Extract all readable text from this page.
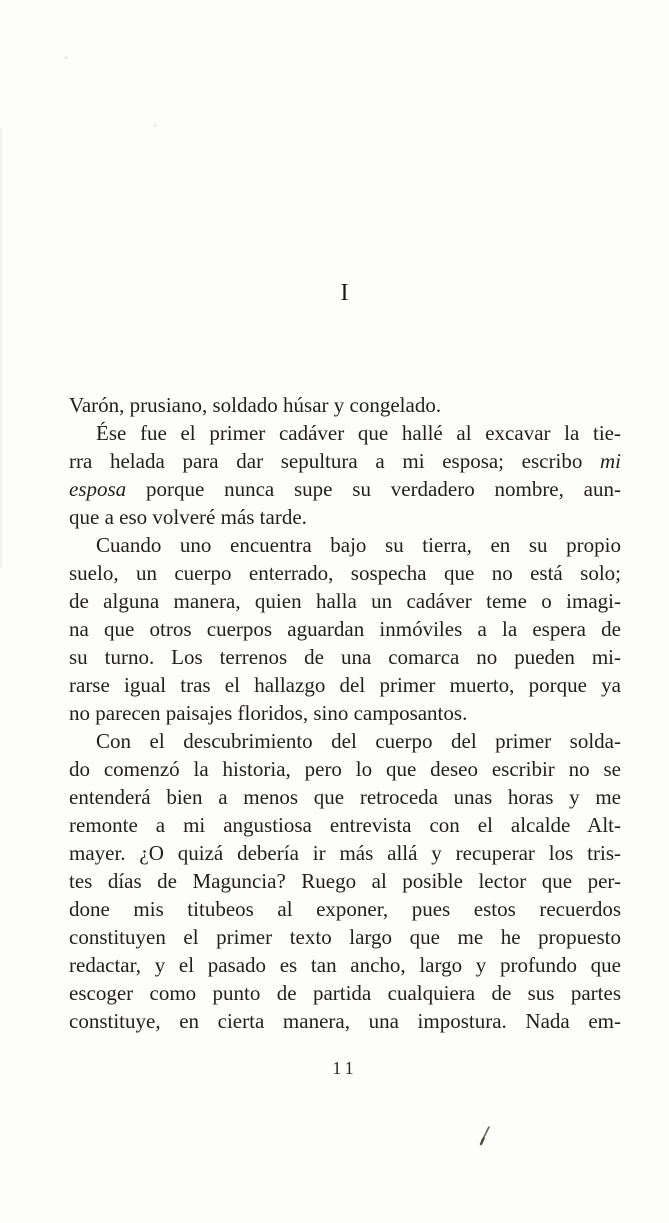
I
Varón, prusiano, soldado húsar y congelado.
Ése fue el primer cadáver que hallé al excavar la tie-
rra helada para dar sepultura a mi esposa; escribo mi
esposa porque nunca supe su verdadero nombre, aun-
que a eso volveré más tarde.
Cuando uno encuentra bajo su tierra, en su propio
suelo, un cuerpo enterrado, sospecha que no está solo;
de alguna manera, quien halla un cadáver teme o imagi-
na que otros cuerpos aguardan inmóviles a la espera de
su turno. Los terrenos de una comarca no pueden mi-
rarse igual tras el hallazgo del primer muerto, porque ya
no parecen paisajes floridos, sino camposantos.
Con el descubrimiento del cuerpo del primer solda-
do comenzó la historia, pero lo que deseo escribir no se
entenderá bien a menos que retroceda unas horas y me
remonte a mi angustiosa entrevista con el alcalde Alt-
mayer. ¿O quizá debería ir más allá y recuperar los tris-
tes días de Maguncia? Ruego al posible lector que per-
done mis titubeos al exponer, pues estos recuerdos
constituyen el primer texto largo que me he propuesto
redactar, y el pasado es tan ancho, largo y profundo que
escoger como punto de partida cualquiera de sus partes
constituye, en cierta manera, una impostura. Nada em-
11
